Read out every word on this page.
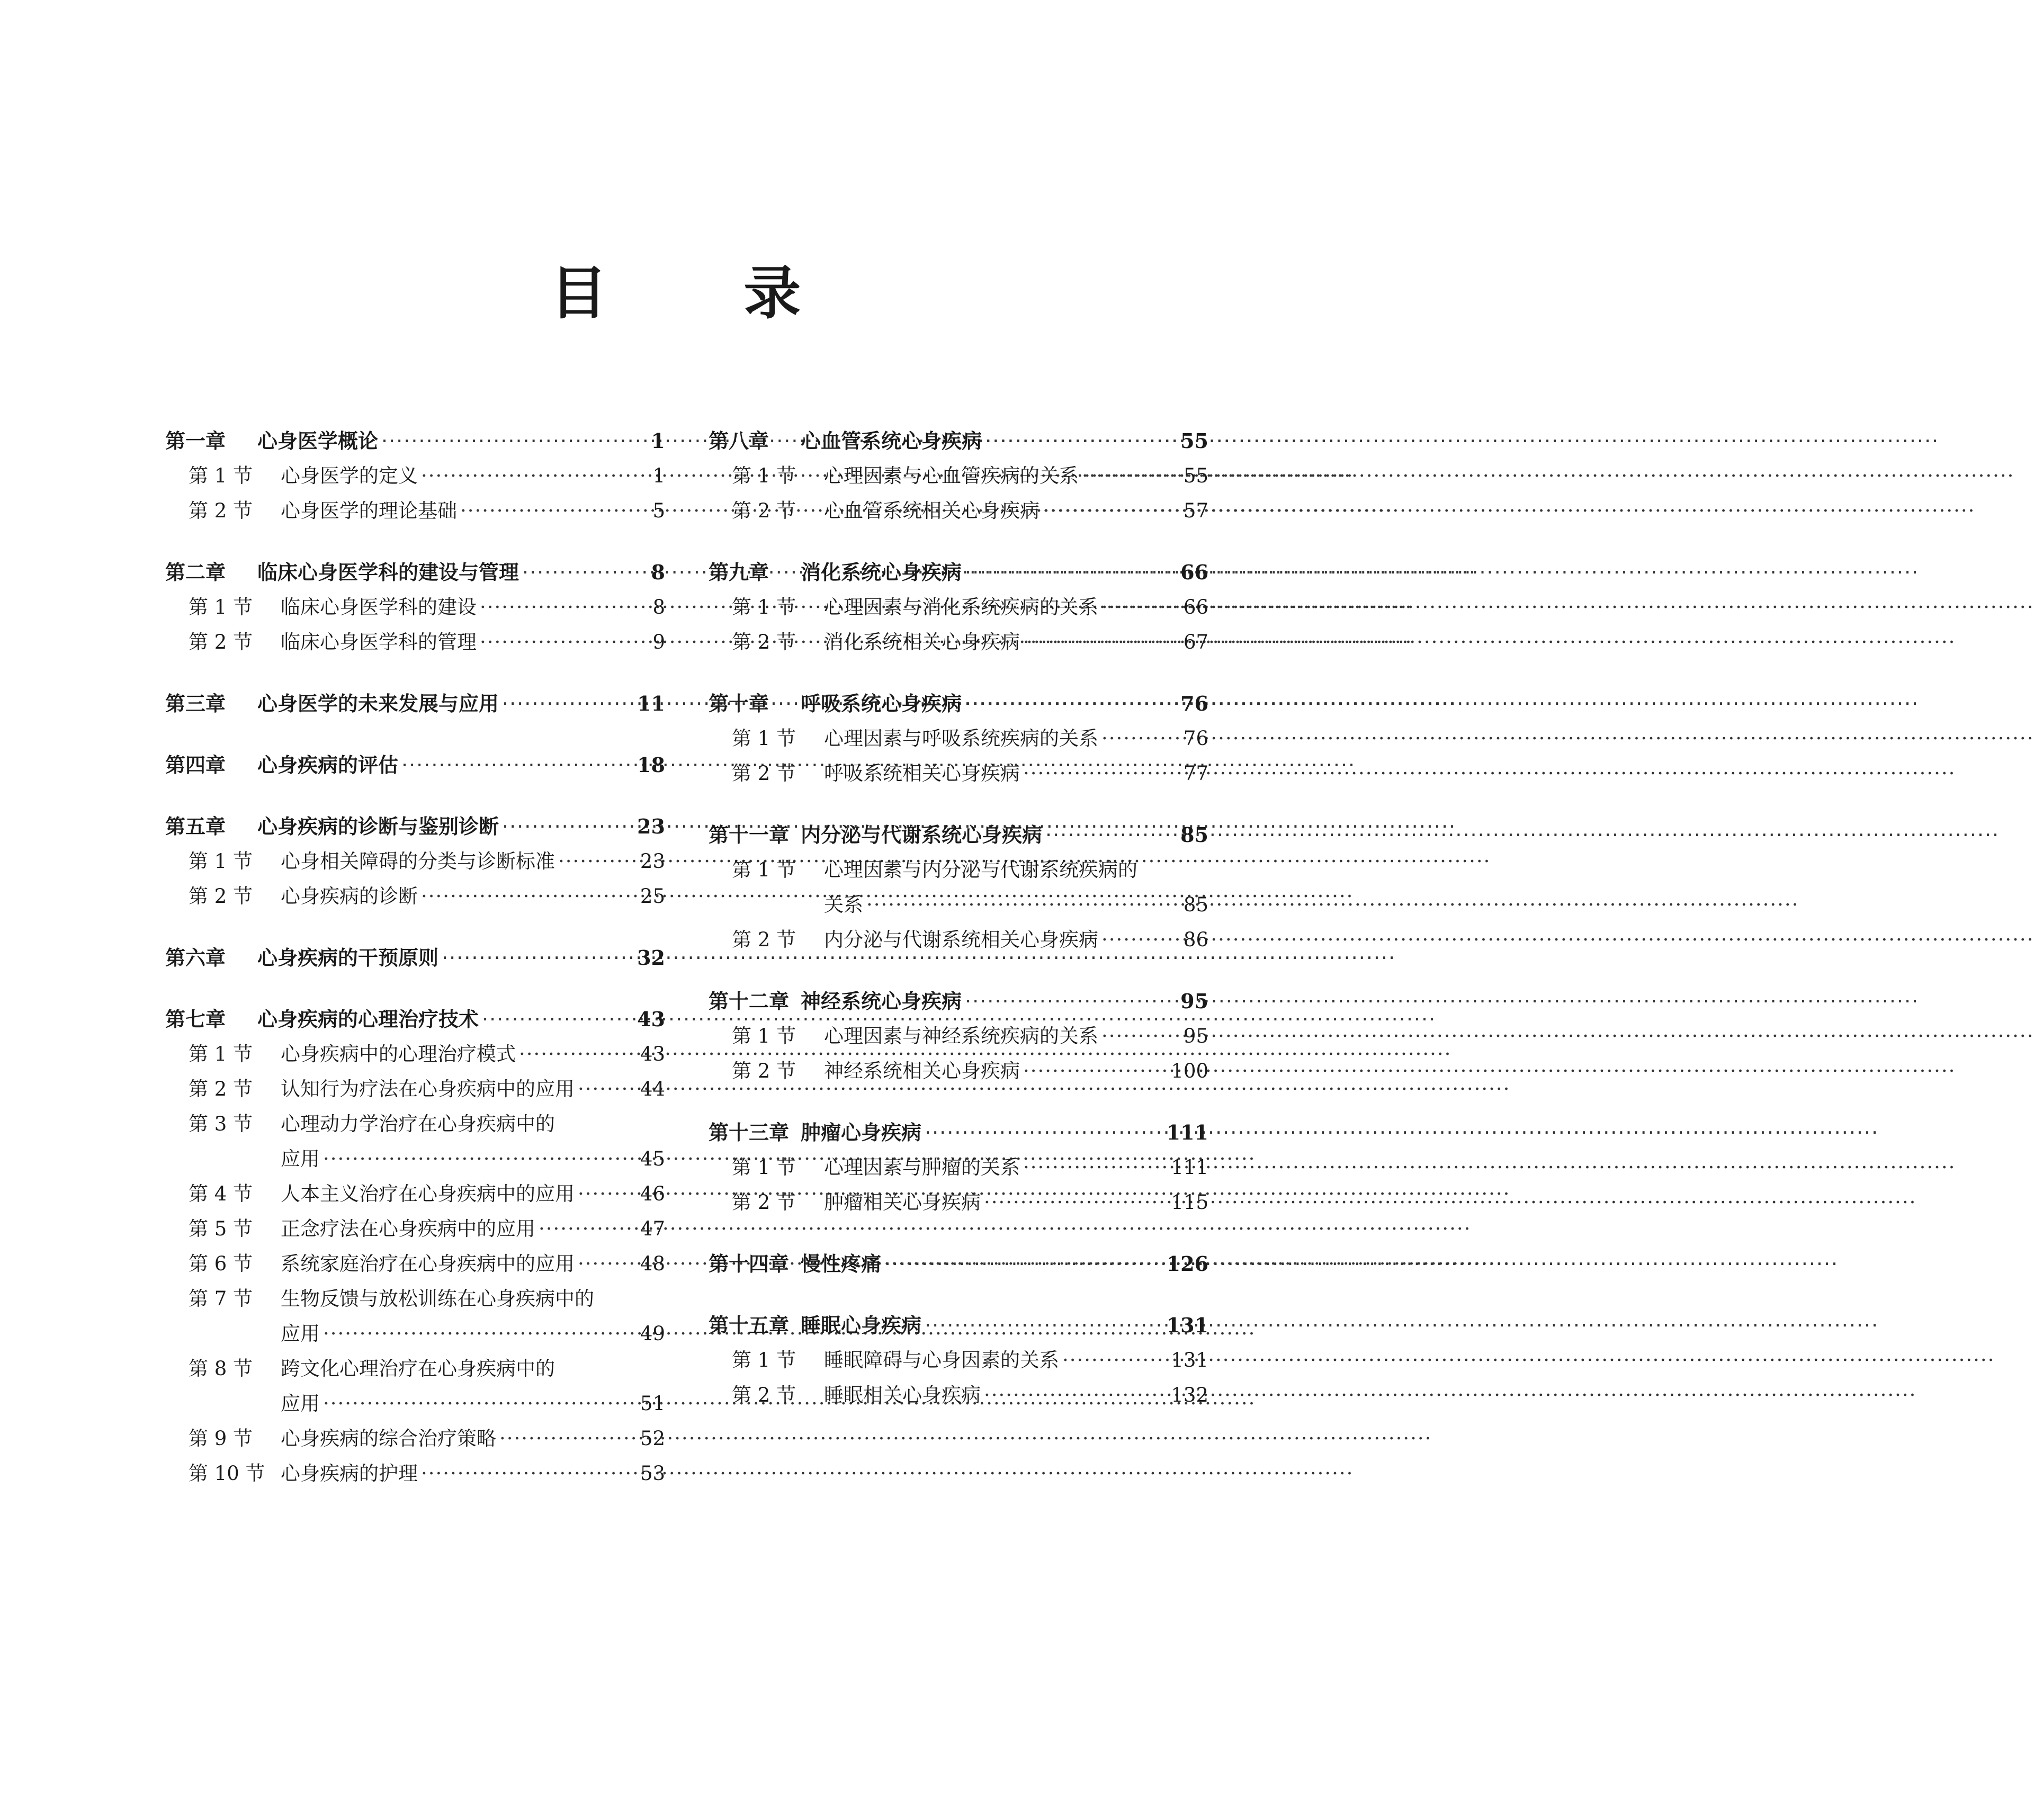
目 录
第一章	心身医学概论 ·····	1
第 1 节	心身医学的定义 ·····	1
第 2 节	心身医学的理论基础 ·····	5
第二章	临床心身医学科的建设与管理 ·····	8
第 1 节	临床心身医学科的建设 ·····	8
第 2 节	临床心身医学科的管理 ·····	9
第三章	心身医学的未来发展与应用 ·····	11
第四章	心身疾病的评估 ·····	18
第五章	心身疾病的诊断与鉴别诊断 ·····	23
第 1 节	心身相关障碍的分类与诊断标准 ·····	23
第 2 节	心身疾病的诊断 ·····	25
第六章	心身疾病的干预原则 ·····	32
第七章	心身疾病的心理治疗技术 ·····	43
第 1 节	心身疾病中的心理治疗模式 ·····	43
第 2 节	认知行为疗法在心身疾病中的应用 ·····	44
第 3 节	心理动力学治疗在心身疾病中的
应用 ·····	45
第 4 节	人本主义治疗在心身疾病中的应用 ·····	46
第 5 节	正念疗法在心身疾病中的应用 ·····	47
第 6 节	系统家庭治疗在心身疾病中的应用 ·····	48
第 7 节	生物反馈与放松训练在心身疾病中的
应用 ·····	49
第 8 节	跨文化心理治疗在心身疾病中的
应用 ·····	51
第 9 节	心身疾病的综合治疗策略 ·····	52
第 10 节 心身疾病的护理 ·····	53
第八章	心血管系统心身疾病 ·····	55
第 1 节	心理因素与心血管疾病的关系 ·····	55
第 2 节	心血管系统相关心身疾病 ·····	57
第九章	消化系统心身疾病 ·····	66
第 1 节	心理因素与消化系统疾病的关系 ·····	66
第 2 节	消化系统相关心身疾病 ·····	67
第十章	呼吸系统心身疾病 ·····	76
第 1 节	心理因素与呼吸系统疾病的关系 ·····	76
第 2 节	呼吸系统相关心身疾病 ·····	77
第十一章 内分泌与代谢系统心身疾病 ·····	85
第 1 节	心理因素与内分泌与代谢系统疾病的
关系 ·····	85
第 2 节	内分泌与代谢系统相关心身疾病 ·····	86
第十二章 神经系统心身疾病 ·····	95
第 1 节	心理因素与神经系统疾病的关系 ·····	95
第 2 节	神经系统相关心身疾病 ·····	100
第十三章 肿瘤心身疾病 ·····	111
第 1 节	心理因素与肿瘤的关系 ·····	111
第 2 节	肿瘤相关心身疾病 ·····	115
第十四章 慢性疼痛 ·····	126
第十五章 睡眠心身疾病 ·····	131
第 1 节	睡眠障碍与心身因素的关系 ·····	131
第 2 节	睡眠相关心身疾病 ·····	132
